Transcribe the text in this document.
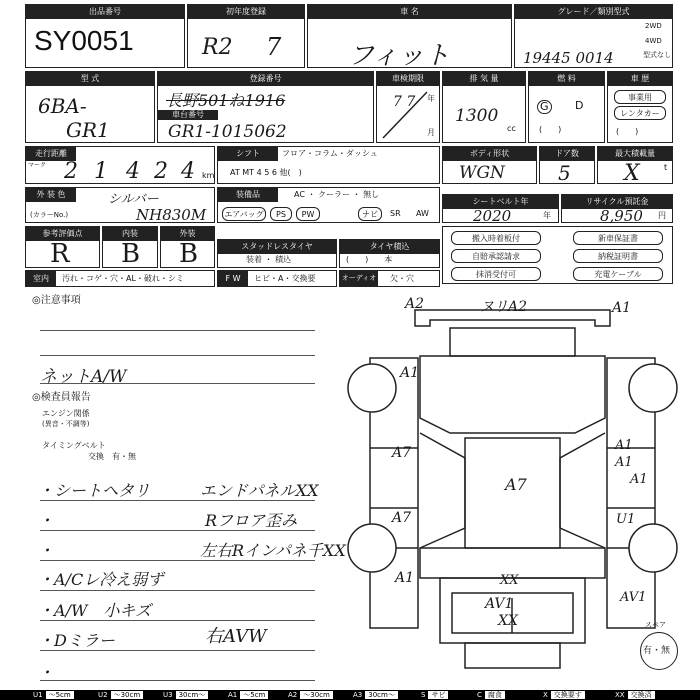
出品番号
SY0051
初年度登録
R2 7
車 名
フィット
グレード／類別型式
19445 0014
2WD
4WD
型式なし
型 式
6BA-
GR1
登録番号
長野501ね1916
車台番号
GR1-1015062
車検期限
7 7 年
月
排 気 量
1300
cc
燃 料
G D
(　　)
車 歴
事業用
レンタカー
(　　)
走行距離
マーク 2 1 4 2 4 km
シフト	フロア・コラム・ダッシュ
AT MT 4 5 6 他(　)
ボディ形状
WGN
ドア数
5
最大積載量
X	t
外 装 色	シルバー
(カラーNo.)	NH830M
装備品	AC ・ クーラー ・ 無し
エアバッグ	PS	PW	ナビ	SR AW
シートベルト年
2020	年
リサイクル預託金
8,950 円
参考評価点
R
内装
B
外装
B	スタッドレスタイヤ
装着 ・ 積込
タイヤ積込
(　　)　　本
搬入時着板付	新車保証書
自賠承認請求	納税証明書
抹消受付可	充電ケーブル
室内	汚れ・コゲ・穴・AL・破れ・シミ	F W	ヒビ・A・交換要	オーディオ 欠・穴
◎注意事項
ネットA/W
◎検査員報告
エンジン関係
(異音・不調等)
タイミングベルト
交換　有・無
・シートヘタリ	エンドパネルXX
・	Rフロア歪み
・	左右Rインパネ千XX
・A/Cレ冷え弱ず
・A/W　小キズ
・Dミラー	右AVW
・
A2	ヌリA2	A1
A1
A7
A7
A7
A1
A1
A1
A1
U1
AV1
XX
AV1
XX	スペア
有・無
U1 ～5cm	U2 ～30cm	U3 30cm～	A1 ～5cm	A2 ～30cm	A3 30cm～	S サビ	C 腐食	X 交換要す	XX 交換済
